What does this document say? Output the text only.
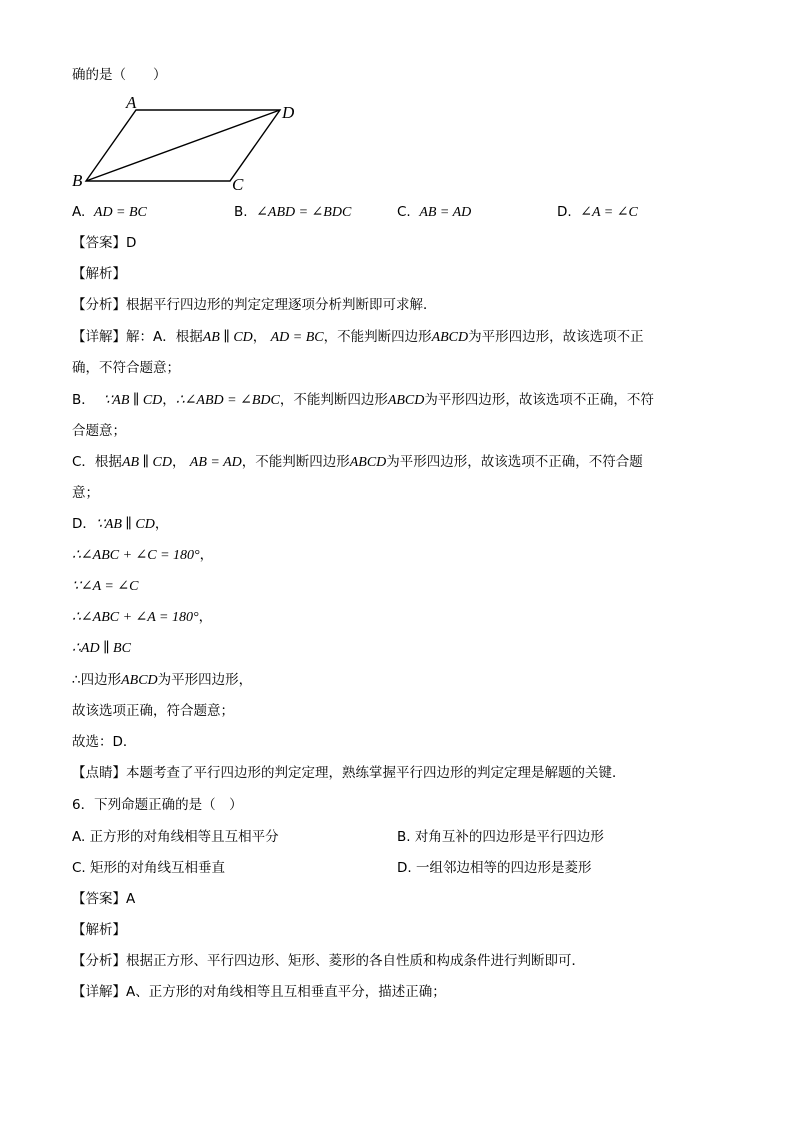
确的是（　　）
A
D
B	C
A. AD = BC	B. ∠ABD = ∠BDC	C. AB = AD	D. ∠A = ∠C
【答案】D
【解析】
【分析】根据平行四边形的判定定理逐项分析判断即可求解．
【详解】解：A．根据AB ∥ CD， AD = BC，不能判断四边形ABCD为平形四边形，故该选项不正
确，不符合题意；
B． ∵AB ∥ CD，∴∠ABD = ∠BDC，不能判断四边形ABCD为平形四边形，故该选项不正确，不符
合题意；
C．根据AB ∥ CD， AB = AD，不能判断四边形ABCD为平形四边形，故该选项不正确，不符合题
意；
D．∵AB ∥ CD，
∴∠ABC + ∠C = 180°，
∵∠A = ∠C
∴∠ABC + ∠A = 180°，
∴AD ∥ BC
∴四边形ABCD为平形四边形，
故该选项正确，符合题意；
故选：D．
【点睛】本题考查了平行四边形的判定定理，熟练掌握平行四边形的判定定理是解题的关键．
6．下列命题正确的是（　）
A. 正方形的对角线相等且互相平分	B. 对角互补的四边形是平行四边形
C. 矩形的对角线互相垂直	D. 一组邻边相等的四边形是菱形
【答案】A
【解析】
【分析】根据正方形、平行四边形、矩形、菱形的各自性质和构成条件进行判断即可．
【详解】A、正方形的对角线相等且互相垂直平分，描述正确；
